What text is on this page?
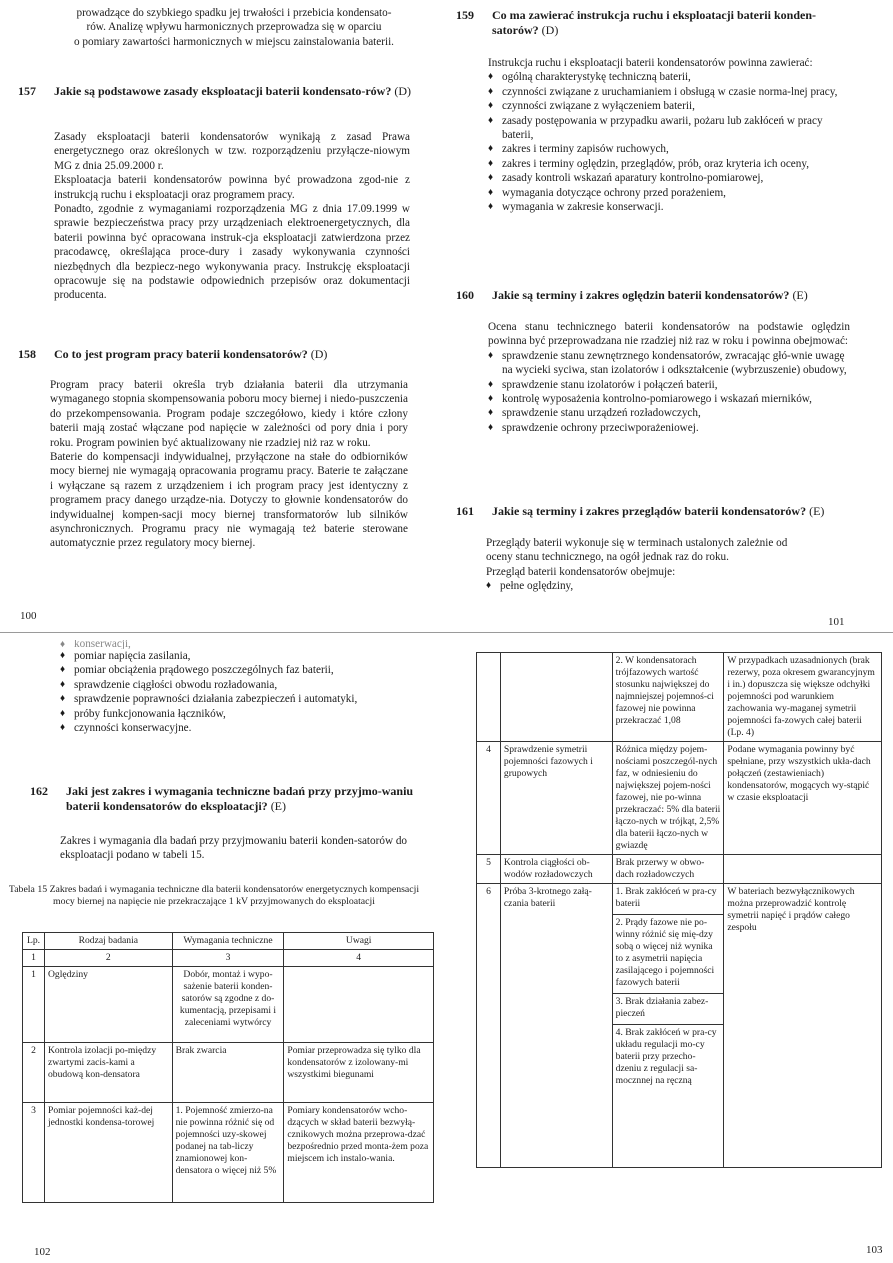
prowadzące do szybkiego spadku jej trwałości i przebicia kondensato-

rów. Analizę wpływu harmonicznych przeprowadza się w oparciu

o pomiary zawartości harmonicznych w miejscu zainstalowania baterii.

157	Jakie są podstawowe zasady eksploatacji baterii kondensato-rów? (D)

Zasady eksploatacji baterii kondensatorów wynikają z zasad Prawa energetycznego oraz określonych w tzw. rozporządzeniu przyłącze-niowym MG z dnia 25.09.2000 r.

Eksploatacja baterii kondensatorów powinna być prowadzona zgod-nie z instrukcją ruchu i eksploatacji oraz programem pracy.

Ponadto, zgodnie z wymaganiami rozporządzenia MG z dnia 17.09.1999 w sprawie bezpieczeństwa pracy przy urządzeniach elektroenergetycznych, dla baterii powinna być opracowana instruk-cja eksploatacji zatwierdzona przez pracodawcę, określająca proce-dury i zasady wykonywania czynności niezbędnych dla bezpiecz-nego wykonywania pracy. Instrukcję eksploatacji opracowuje się na podstawie odpowiednich przepisów oraz dokumentacji producenta.

158	Co to jest program pracy baterii kondensatorów? (D)

Program pracy baterii określa tryb działania baterii dla utrzymania wymaganego stopnia skompensowania poboru mocy biernej i niedo-puszczenia do przekompensowania. Program podaje szczegółowo, kiedy i które człony baterii mają zostać włączane pod napięcie w zależności od pory dnia i pory roku. Program powinien być aktualizowany nie rzadziej niż raz w roku.

Baterie do kompensacji indywidualnej, przyłączone na stałe do odbiorników mocy biernej nie wymagają opracowania programu pracy. Baterie te załączane i wyłączane są razem z urządzeniem i ich program pracy jest identyczny z programem pracy danego urządze-nia. Dotyczy to głownie kondensatorów do indywidualnej kompen-sacji mocy biernej transformatorów lub silników asynchronicznych. Programu pracy nie wymagają też baterie sterowane automatycznie przez regulatory mocy biernej.

100
159	Co ma zawierać instrukcja ruchu i eksploatacji baterii konden-satorów? (D)

Instrukcja ruchu i eksploatacji baterii kondensatorów powinna zawierać:

♦ ogólną charakterystykę techniczną baterii,
♦ czynności związane z uruchamianiem i obsługą w czasie norma-lnej pracy,
♦ czynności związane z wyłączeniem baterii,
♦ zasady postępowania w przypadku awarii, pożaru lub zakłóceń w pracy baterii,
♦ zakres i terminy zapisów ruchowych,
♦ zakres i terminy oględzin, przeglądów, prób, oraz kryteria ich oceny,
♦ zasady kontroli wskazań aparatury kontrolno-pomiarowej,
♦ wymagania dotyczące ochrony przed porażeniem,
♦ wymagania w zakresie konserwacji.
160	Jakie są terminy i zakres oględzin baterii kondensatorów? (E)

Ocena stanu technicznego baterii kondensatorów na podstawie oględzin powinna być przeprowadzana nie rzadziej niż raz w roku i powinna obejmować:

♦ sprawdzenie stanu zewnętrznego kondensatorów, zwracając głó-wnie uwagę na wycieki syciwa, stan izolatorów i odkształcenie (wybrzuszenie) obudowy,
♦ sprawdzenie stanu izolatorów i połączeń baterii,
♦ kontrolę wyposażenia kontrolno-pomiarowego i wskazań mierników,
♦ sprawdzenie stanu urządzeń rozładowczych,
♦ sprawdzenie ochrony przeciwporażeniowej.
161	Jakie są terminy i zakres przeglądów baterii kondensatorów? (E)

Przeglądy baterii wykonuje się w terminach ustalonych zależnie od

oceny stanu technicznego, na ogół jednak raz do roku.

Przegląd baterii kondensatorów obejmuje:

♦ pełne oględziny,
101
♦ konserwacji,
♦ pomiar napięcia zasilania,
♦ pomiar obciążenia prądowego poszczególnych faz baterii,
♦ sprawdzenie ciągłości obwodu rozładowania,
♦ sprawdzenie poprawności działania zabezpieczeń i automatyki,
♦ próby funkcjonowania łączników,
♦ czynności konserwacyjne.
162	Jaki jest zakres i wymagania techniczne badań przy przyjmo-waniu baterii kondensatorów do eksploatacji? (E)

Zakres i wymagania dla badań przy przyjmowaniu baterii konden-satorów do eksploatacji podano w tabeli 15.

Tabela 15 Zakres badań i wymagania techniczne dla baterii kondensatorów energetycznych kompensacji mocy biernej na napięcie nie przekraczające 1 kV przyjmowanych do eksploatacji
Lp.	Rodzaj badania	Wymagania techniczne	Uwagi
1	2	3	4
1	Oględziny	Dobór, montaż i wypo-sażenie baterii konden-satorów są zgodne z do-kumentacją, przepisami i zaleceniami wytwórcy	
2	Kontrola izolacji po-między zwartymi zacis-kami a obudową kon-densatora	Brak zwarcia	Pomiar przeprowadza się tylko dla kondensatorów z izolowany-mi wszystkimi biegunami
3	Pomiar pojemności każ-dej jednostki kondensa-torowej	1. Pojemność zmierzo-na nie powinna różnić się od pojemności uzy-skowej podanej na tab-liczy znamionowej kon-densatora o więcej niż 5%	Pomiary kondensatorów wcho-dzących w skład baterii bezwyłą-cznikowych można przeprowa-dzać bezpośrednio przed monta-żem poza miejscem ich instalo-wania.
102
		2. W kondensatorach trójfazowych wartość stosunku największej do najmniejszej pojemnoś-ci fazowej nie powinna przekraczać 1,08	W przypadkach uzasadnionych (brak rezerwy, poza okresem gwarancyjnym i in.) dopuszcza się większe odchyłki pojemności pod warunkiem zachowania wy-maganej symetrii pojemności fa-zowych całej baterii (Lp. 4)
4	Sprawdzenie symetrii pojemności fazowych i grupowych	Różnica między pojem-nościami poszczegól-nych faz, w odniesieniu do największej pojem-ności fazowej, nie po-winna przekraczać: 5% dla baterii łączo-nych w trójkąt, 2,5% dla baterii łączo-nych w gwiazdę	Podane wymagania powinny być spełniane, przy wszystkich ukła-dach połączeń (zestawieniach) kondensatorów, mogących wy-stąpić w czasie eksploatacji
5	Kontrola ciągłości ob-wodów rozładowczych	Brak przerwy w obwo-dach rozładowczych	
6	Próba 3-krotnego załą-czania baterii	1. Brak zakłóceń w pra-cy baterii
2. Prądy fazowe nie po-winny różnić się mię-dzy sobą o więcej niż wynika to z asymetrii napięcia zasilającego i pojemności fazowych baterii
3. Brak działania zabez-pieczeń
4. Brak zakłóceń w pra-cy układu regulacji mo-cy baterii przy przecho-dzeniu z regulacji sa-mocznnej na ręczną	W bateriach bezwyłącznikowych można przeprowadzić kontrolę symetrii napięć i prądów całego zespołu
103
